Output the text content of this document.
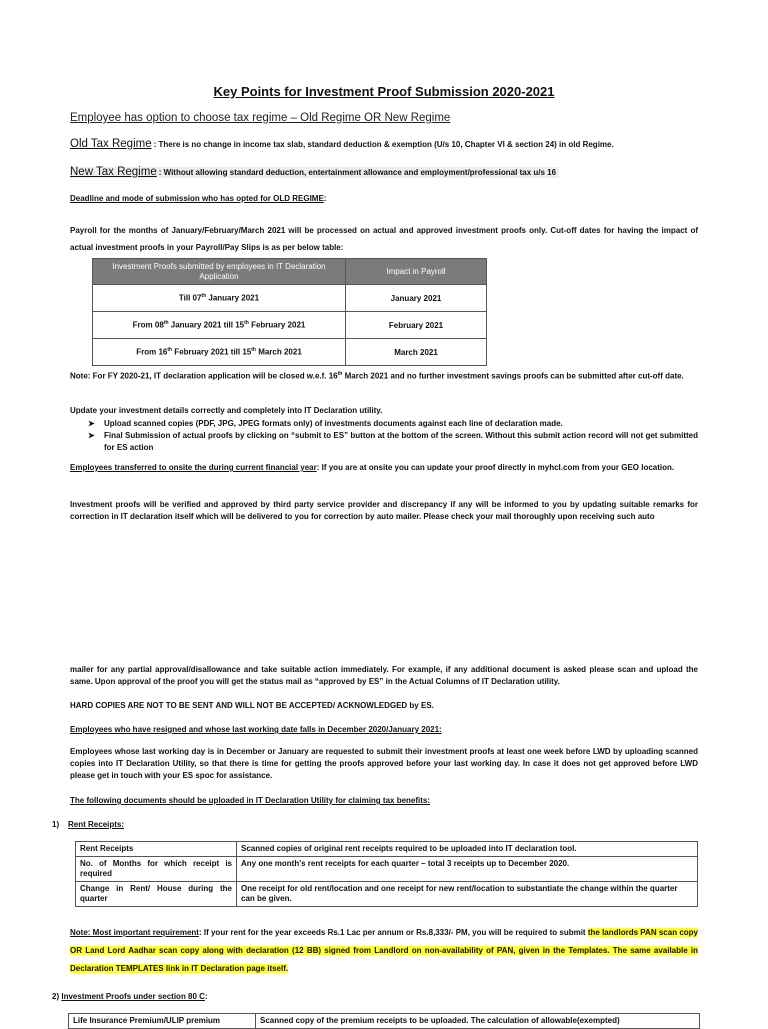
Key Points for Investment Proof Submission 2020-2021
Employee has option to choose tax regime – Old Regime OR New Regime
Old Tax Regime : There is no change in income tax slab, standard deduction & exemption (U/s 10, Chapter VI & section 24) in old Regime.
New Tax Regime : Without allowing standard deduction, entertainment allowance and employment/professional tax u/s 16
Deadline and mode of submission who has opted for OLD REGIME:
Payroll for the months of January/February/March 2021 will be processed on actual and approved investment proofs only. Cut-off dates for having the impact of actual investment proofs in your Payroll/Pay Slips is as per below table:
Investment Proofs submitted by employees in IT Declaration Application	Impact in Payroll
Till 07th January 2021	January 2021
From 08th January 2021 till 15th February 2021	February 2021
From 16th February 2021 till 15th March 2021	March 2021
Note: For FY 2020-21, IT declaration application will be closed w.e.f. 16th March 2021 and no further investment savings proofs can be submitted after cut-off date.
Update your investment details correctly and completely into IT Declaration utility.
➤ Upload scanned copies (PDF, JPG, JPEG formats only) of investments documents against each line of declaration made.
➤ Final Submission of actual proofs by clicking on “submit to ES” button at the bottom of the screen. Without this submit action record will not get submitted for ES action
Employees transferred to onsite the during current financial year: If you are at onsite you can update your proof directly in myhcl.com from your GEO location.
Investment proofs will be verified and approved by third party service provider and discrepancy if any will be informed to you by updating suitable remarks for correction in IT declaration itself which will be delivered to you for correction by auto mailer. Please check your mail thoroughly upon receiving such auto
mailer for any partial approval/disallowance and take suitable action immediately. For example, if any additional document is asked please scan and upload the same. Upon approval of the proof you will get the status mail as “approved by ES” in the Actual Columns of IT Declaration utility.
HARD COPIES ARE NOT TO BE SENT AND WILL NOT BE ACCEPTED/ ACKNOWLEDGED by ES.
Employees who have resigned and whose last working date falls in December 2020/January 2021:
Employees whose last working day is in December or January are requested to submit their investment proofs at least one week before LWD by uploading scanned copies into IT Declaration Utility, so that there is time for getting the proofs approved before your last working day. In case it does not get approved before LWD please get in touch with your ES spoc for assistance.
The following documents should be uploaded in IT Declaration Utility for claiming tax benefits:
1) Rent Receipts:
Rent Receipts	Scanned copies of original rent receipts required to be uploaded into IT declaration tool.
No. of Months for which receipt is required	Any one month's rent receipts for each quarter – total 3 receipts up to December 2020.
Change in Rent/ House during the quarter	One receipt for old rent/location and one receipt for new rent/location to substantiate the change within the quarter can be given.
Note: Most important requirement: If your rent for the year exceeds Rs.1 Lac per annum or Rs.8,333/- PM, you will be required to submit the landlords PAN scan copy OR Land Lord Aadhar scan copy along with declaration (12 BB) signed from Landlord on non-availability of PAN, given in the Templates. The same available in Declaration TEMPLATES link in IT Declaration page itself.
2) Investment Proofs under section 80 C:
Life Insurance Premium/ULIP premium	Scanned copy of the premium receipts to be uploaded. The calculation of allowable(exempted)
